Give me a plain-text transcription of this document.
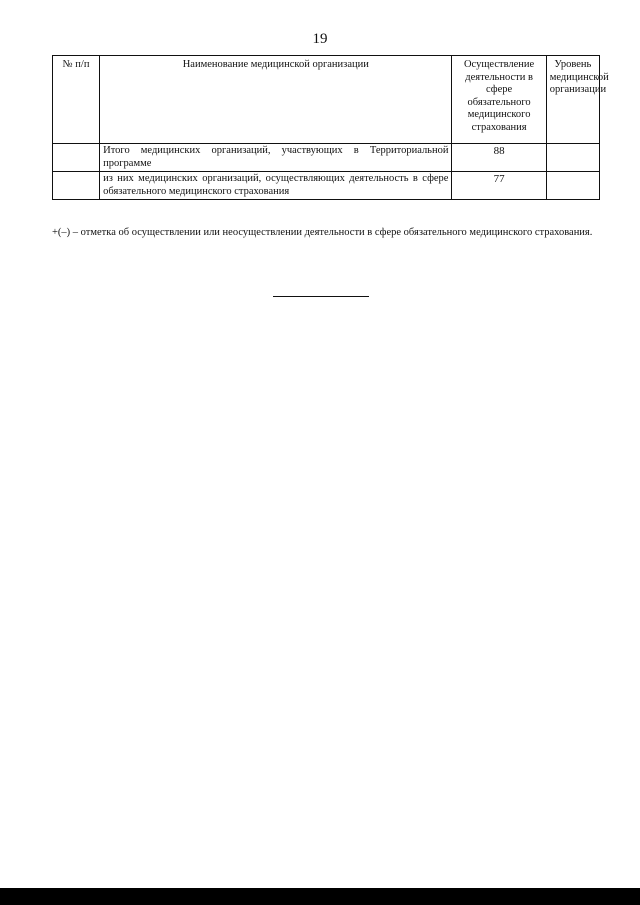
19
№ п/п	Наименование медицинской организации	Осуществление деятельности в сфере обязательного медицинского страхования	Уровень медицинской организации
	Итого медицинских организаций, участвующих в Территориальной программе	88	
	из них медицинских организаций, осуществляющих деятельность в сфере обязательного медицинского страхования	77	
+(–) – отметка об осуществлении или неосуществлении деятельности в сфере обязательного медицинского страхования.
